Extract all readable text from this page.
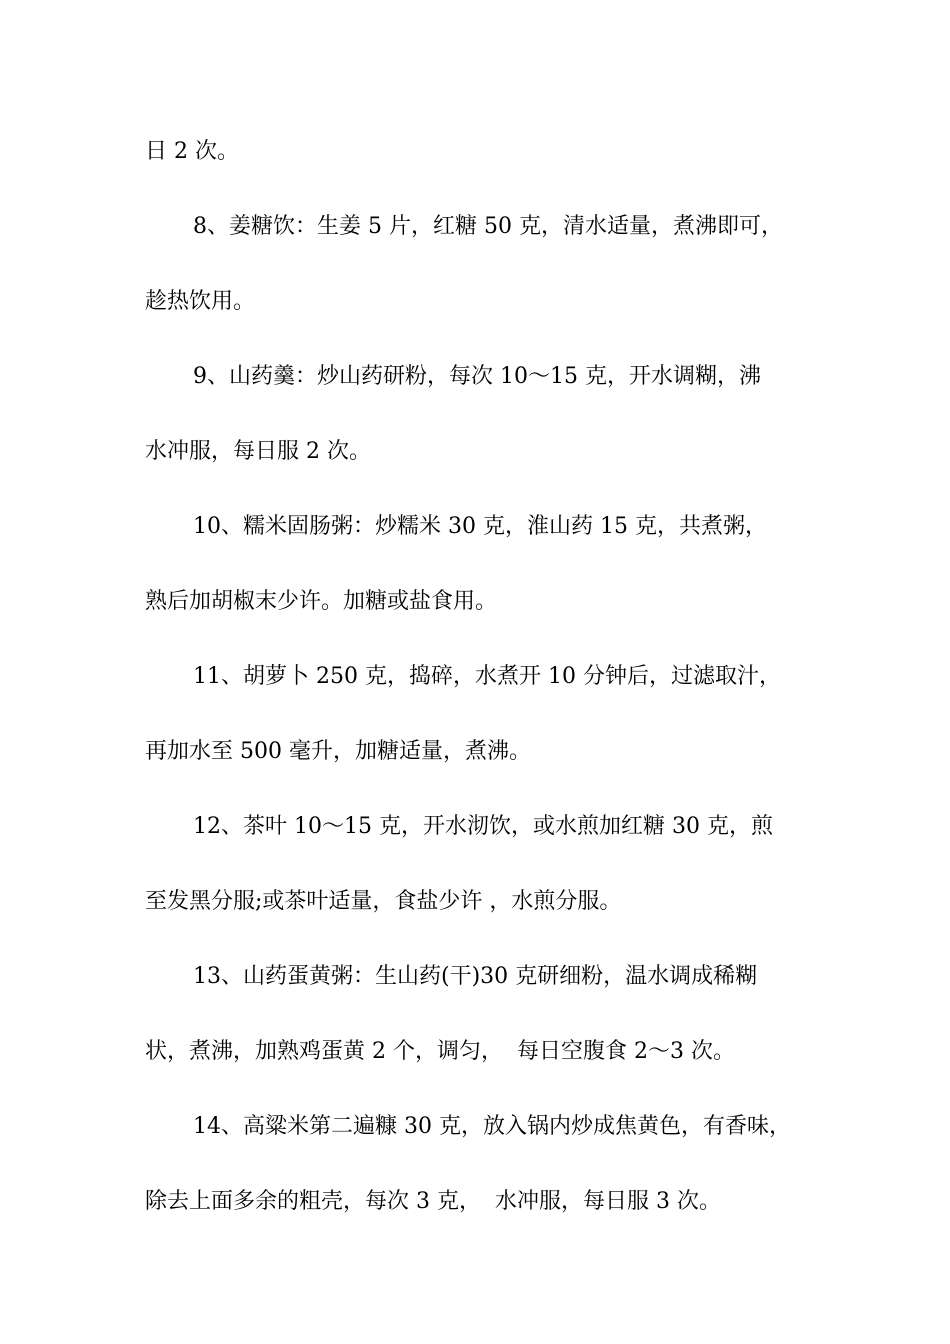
日 2 次。
8、姜糖饮：生姜 5 片，红糖 50 克，清水适量，煮沸即可，
趁热饮用。
9、山药羹：炒山药研粉，每次 10～15 克，开水调糊，沸
水冲服，每日服 2 次。
10、糯米固肠粥：炒糯米 30 克，淮山药 15 克，共煮粥，
熟后加胡椒末少许。加糖或盐食用。
11、胡萝卜 250 克，捣碎，水煮开 10 分钟后，过滤取汁，
再加水至 500 毫升，加糖适量，煮沸。
12、茶叶 10～15 克，开水沏饮，或水煎加红糖 30 克，煎
至发黑分服;或茶叶适量，食盐少许 ，水煎分服。
13、山药蛋黄粥：生山药(干)30 克研细粉，温水调成稀糊
状，煮沸，加熟鸡蛋黄 2 个，调匀，  每日空腹食 2～3 次。
14、高粱米第二遍糠 30 克，放入锅内炒成焦黄色，有香味，
除去上面多余的粗壳，每次 3 克，  水冲服，每日服 3 次。
